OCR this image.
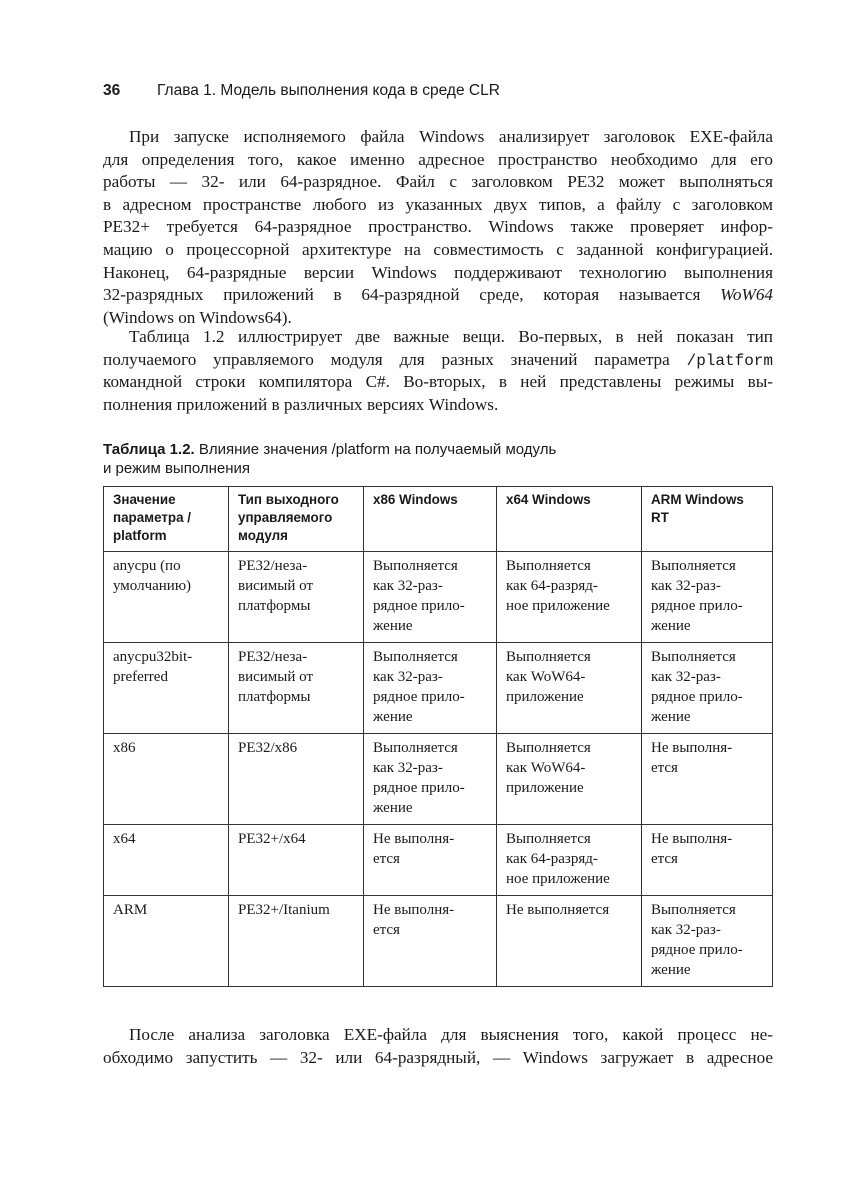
36 Глава 1. Модель выполнения кода в среде CLR
При запуске исполняемого файла Windows анализирует заголовок EXE-файла
для определения того, какое именно адресное пространство необходимо для его
работы — 32- или 64-разрядное. Файл с заголовком PE32 может выполняться
в адресном пространстве любого из указанных двух типов, а файлу с заголовком
PE32+ требуется 64-разрядное пространство. Windows также проверяет инфор-
мацию о процессорной архитектуре на совместимость с заданной конфигурацией.
Наконец, 64-разрядные версии Windows поддерживают технологию выполнения
32-разрядных приложений в 64-разрядной среде, которая называется WoW64
(Windows on Windows64).
Таблица 1.2 иллюстрирует две важные вещи. Во-первых, в ней показан тип
получаемого управляемого модуля для разных значений параметра /platform
командной строки компилятора C#. Во-вторых, в ней представлены режимы вы-
полнения приложений в различных версиях Windows.
Таблица 1.2. Влияние значения /platform на получаемый модуль
и режим выполнения
Значение
параметра /
platform	Тип выходного
управляемого
модуля	x86 Windows	x64 Windows	ARM Windows
RT

anycpu (по
умолчанию)	PE32/неза-
висимый от
платформы	Выполняется
как 32-раз-
рядное прило-
жение	Выполняется
как 64-разряд-
ное приложение	Выполняется
как 32-раз-
рядное прило-
жение

anycpu32bit-
preferred	PE32/неза-
висимый от
платформы	Выполняется
как 32-раз-
рядное прило-
жение	Выполняется
как WoW64-
приложение	Выполняется
как 32-раз-
рядное прило-
жение

x86	PE32/x86	Выполняется
как 32-раз-
рядное прило-
жение	Выполняется
как WoW64-
приложение	Не выполня-
ется

x64	PE32+/x64	Не выполня-
ется	Выполняется
как 64-разряд-
ное приложение	Не выполня-
ется

ARM	PE32+/Itanium	Не выполня-
ется	Не выполняется	Выполняется
как 32-раз-
рядное прило-
жение
После анализа заголовка EXE-файла для выяснения того, какой процесс не-
обходимо запустить — 32- или 64-разрядный, — Windows загружает в адресное
